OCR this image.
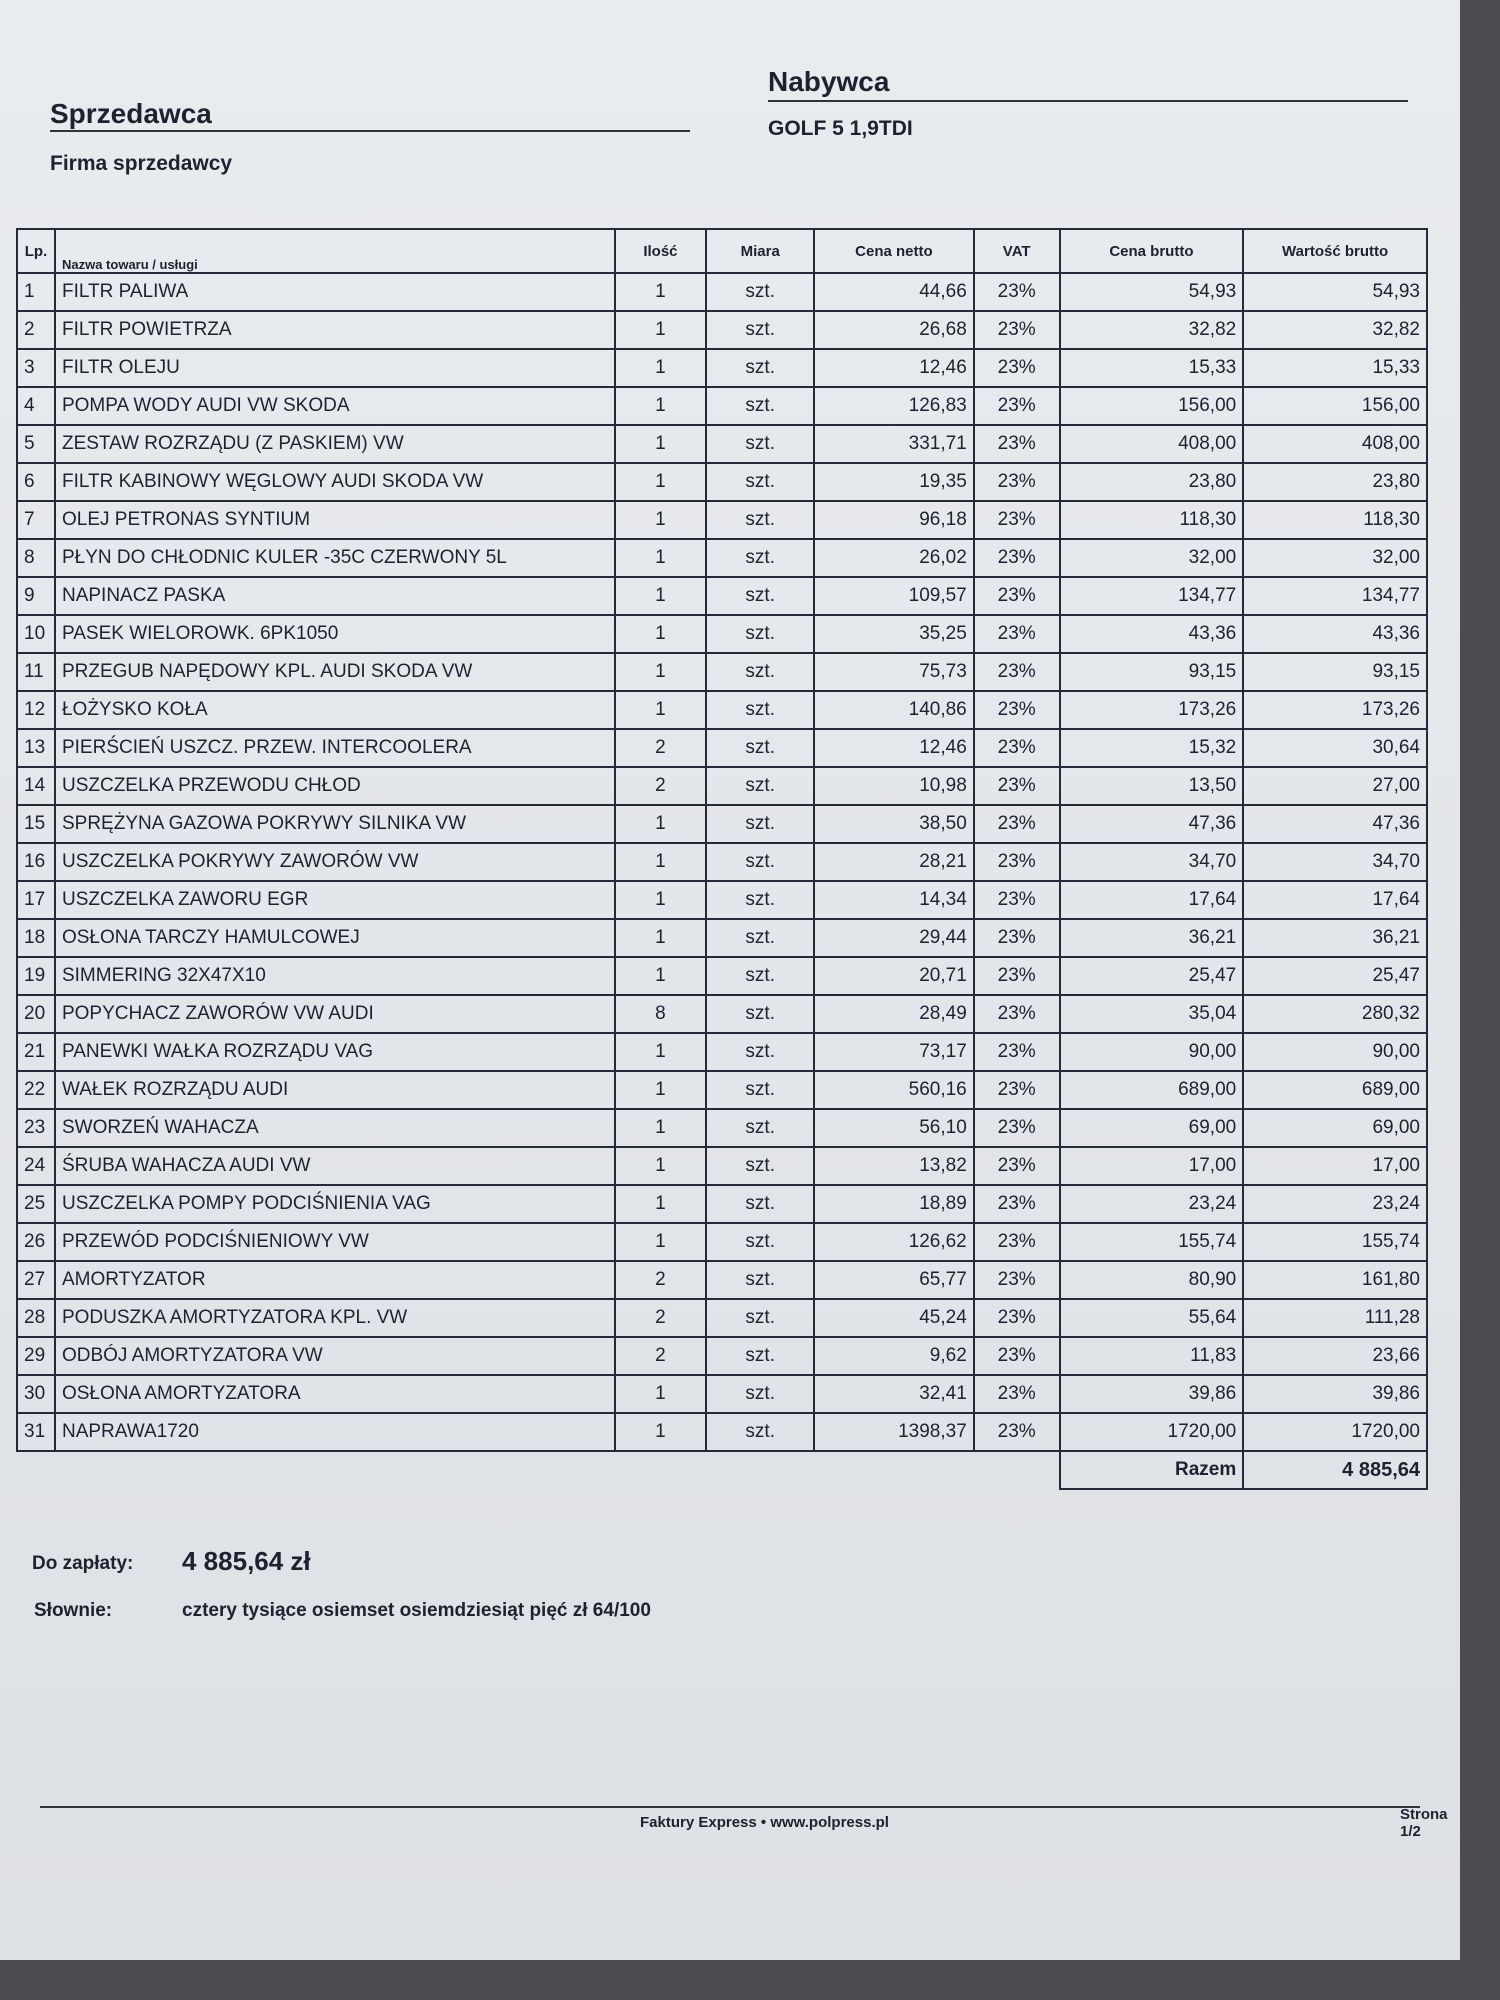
Sprzedawca
Firma sprzedawcy
Nabywca
GOLF 5 1,9TDI
Lp.	Nazwa towaru / usługi	Ilość	Miara	Cena netto	VAT	Cena brutto	Wartość brutto
1	FILTR PALIWA	1	szt.	44,66	23%	54,93	54,93
2	FILTR POWIETRZA	1	szt.	26,68	23%	32,82	32,82
3	FILTR OLEJU	1	szt.	12,46	23%	15,33	15,33
4	POMPA WODY AUDI VW SKODA	1	szt.	126,83	23%	156,00	156,00
5	ZESTAW ROZRZĄDU (Z PASKIEM) VW	1	szt.	331,71	23%	408,00	408,00
6	FILTR KABINOWY WĘGLOWY AUDI SKODA VW	1	szt.	19,35	23%	23,80	23,80
7	OLEJ PETRONAS SYNTIUM	1	szt.	96,18	23%	118,30	118,30
8	PŁYN DO CHŁODNIC KULER -35C CZERWONY 5L	1	szt.	26,02	23%	32,00	32,00
9	NAPINACZ PASKA	1	szt.	109,57	23%	134,77	134,77
10	PASEK WIELOROWK. 6PK1050	1	szt.	35,25	23%	43,36	43,36
11	PRZEGUB NAPĘDOWY KPL. AUDI SKODA VW	1	szt.	75,73	23%	93,15	93,15
12	ŁOŻYSKO KOŁA	1	szt.	140,86	23%	173,26	173,26
13	PIERŚCIEŃ USZCZ. PRZEW. INTERCOOLERA	2	szt.	12,46	23%	15,32	30,64
14	USZCZELKA PRZEWODU CHŁOD	2	szt.	10,98	23%	13,50	27,00
15	SPRĘŻYNA GAZOWA POKRYWY SILNIKA VW	1	szt.	38,50	23%	47,36	47,36
16	USZCZELKA POKRYWY ZAWORÓW VW	1	szt.	28,21	23%	34,70	34,70
17	USZCZELKA ZAWORU EGR	1	szt.	14,34	23%	17,64	17,64
18	OSŁONA TARCZY HAMULCOWEJ	1	szt.	29,44	23%	36,21	36,21
19	SIMMERING 32X47X10	1	szt.	20,71	23%	25,47	25,47
20	POPYCHACZ ZAWORÓW VW AUDI	8	szt.	28,49	23%	35,04	280,32
21	PANEWKI WAŁKA ROZRZĄDU VAG	1	szt.	73,17	23%	90,00	90,00
22	WAŁEK ROZRZĄDU AUDI	1	szt.	560,16	23%	689,00	689,00
23	SWORZEŃ WAHACZA	1	szt.	56,10	23%	69,00	69,00
24	ŚRUBA WAHACZA AUDI VW	1	szt.	13,82	23%	17,00	17,00
25	USZCZELKA POMPY PODCIŚNIENIA VAG	1	szt.	18,89	23%	23,24	23,24
26	PRZEWÓD PODCIŚNIENIOWY VW	1	szt.	126,62	23%	155,74	155,74
27	AMORTYZATOR	2	szt.	65,77	23%	80,90	161,80
28	PODUSZKA AMORTYZATORA KPL. VW	2	szt.	45,24	23%	55,64	111,28
29	ODBÓJ AMORTYZATORA VW	2	szt.	9,62	23%	11,83	23,66
30	OSŁONA AMORTYZATORA	1	szt.	32,41	23%	39,86	39,86
31	NAPRAWA1720	1	szt.	1398,37	23%	1720,00	1720,00
						Razem	4 885,64
Do zapłaty: 4 885,64 zł
Słownie:	cztery tysiące osiemset osiemdziesiąt pięć zł 64/100
Faktury Express • www.polpress.pl	Strona 1/2
